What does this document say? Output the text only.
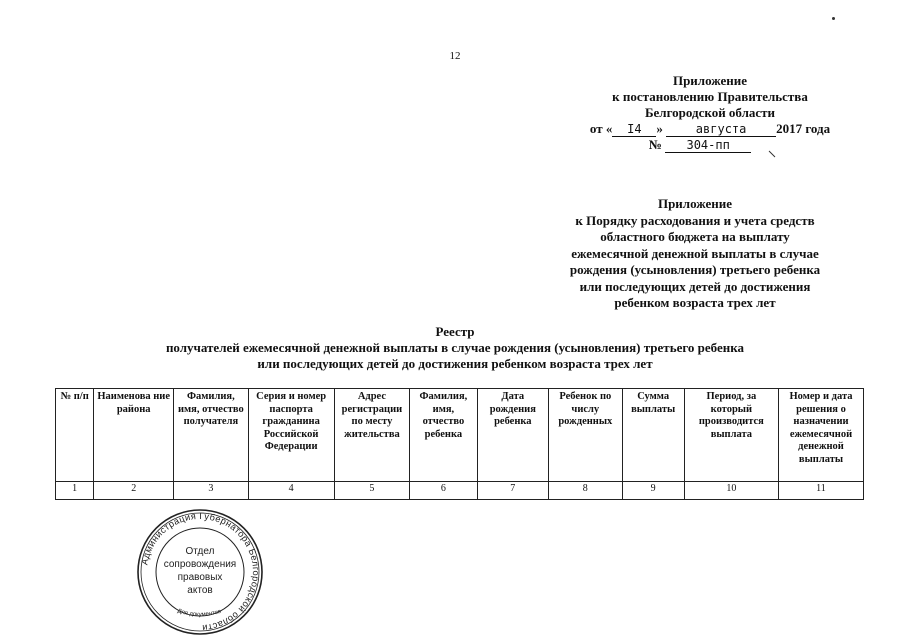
12
Приложение
к постановлению Правительства
Белгородской области
от « I4 »	августа 2017 года
№ 304-пп
Приложение
к Порядку расходования и учета средств
областного бюджета на выплату
ежемесячной денежной выплаты в случае
рождения (усыновления) третьего ребенка
или последующих детей до достижения
ребенком возраста трех лет
Реестр
получателей ежемесячной денежной выплаты в случае рождения (усыновления) третьего ребенка
или последующих детей до достижения ребенком возраста трех лет
№ п/п	Наименова ние района	Фамилия, имя, отчество получателя	Серия и номер паспорта гражданина Российской Федерации	Адрес регистрации по месту жительства	Фамилия, имя, отчество ребенка	Дата рождения ребенка	Ребенок по числу рожденных	Сумма выплаты	Период, за который производится выплата	Номер и дата решения о назначении ежемесячной денежной выплаты
1	2	3	4	5	6	7	8	9	10	11
Администрация Губернатора Белгородской области
Отдел
сопровождения
правовых
актов
Для документов
